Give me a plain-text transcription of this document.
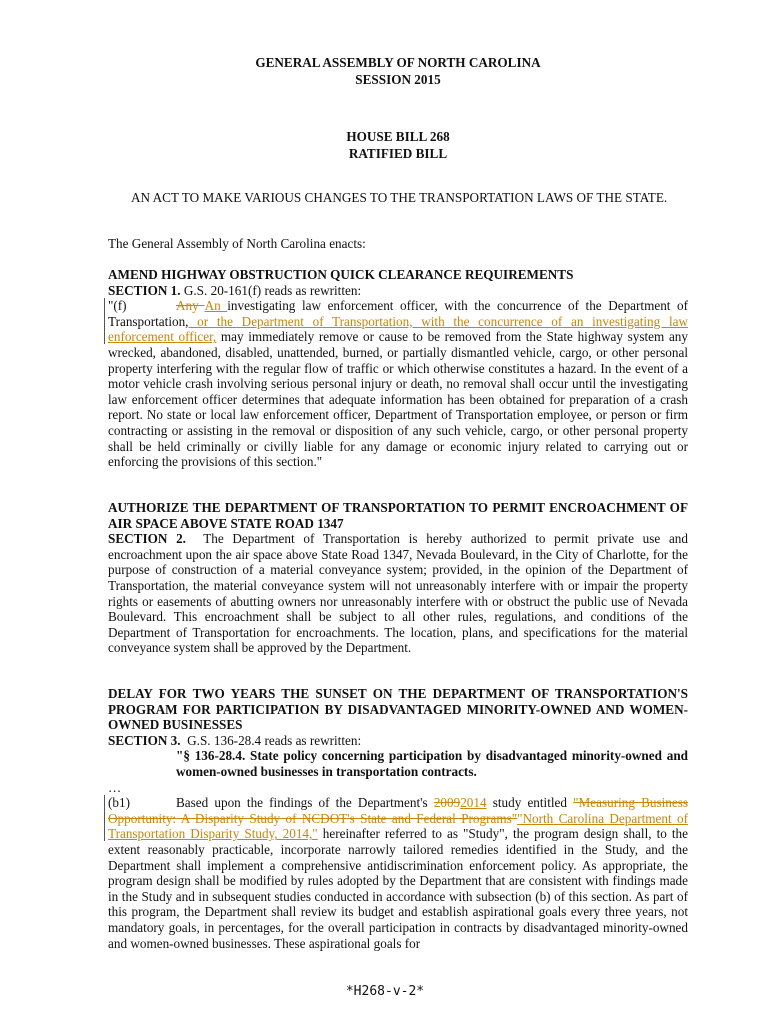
GENERAL ASSEMBLY OF NORTH CAROLINA
SESSION 2015
HOUSE BILL 268
RATIFIED BILL

AN ACT TO MAKE VARIOUS CHANGES TO THE TRANSPORTATION LAWS OF THE STATE.

The General Assembly of North Carolina enacts:

AMEND HIGHWAY OBSTRUCTION QUICK CLEARANCE REQUIREMENTS

SECTION 1. G.S. 20-161(f) reads as rewritten:

"(f)	Any An investigating law enforcement officer, with the concurrence of the Department of Transportation, or the Department of Transportation, with the concurrence of an investigating law enforcement officer, may immediately remove or cause to be removed from the State highway system any wrecked, abandoned, disabled, unattended, burned, or partially dismantled vehicle, cargo, or other personal property interfering with the regular flow of traffic or which otherwise constitutes a hazard. In the event of a motor vehicle crash involving serious personal injury or death, no removal shall occur until the investigating law enforcement officer determines that adequate information has been obtained for preparation of a crash report. No state or local law enforcement officer, Department of Transportation employee, or person or firm contracting or assisting in the removal or disposition of any such vehicle, cargo, or other personal property shall be held criminally or civilly liable for any damage or economic injury related to carrying out or enforcing the provisions of this section."

AUTHORIZE THE DEPARTMENT OF TRANSPORTATION TO PERMIT ENCROACHMENT OF AIR SPACE ABOVE STATE ROAD 1347

SECTION 2. The Department of Transportation is hereby authorized to permit private use and encroachment upon the air space above State Road 1347, Nevada Boulevard, in the City of Charlotte, for the purpose of construction of a material conveyance system; provided, in the opinion of the Department of Transportation, the material conveyance system will not unreasonably interfere with or impair the property rights or easements of abutting owners nor unreasonably interfere with or obstruct the public use of Nevada Boulevard. This encroachment shall be subject to all other rules, regulations, and conditions of the Department of Transportation for encroachments. The location, plans, and specifications for the material conveyance system shall be approved by the Department.

DELAY FOR TWO YEARS THE SUNSET ON THE DEPARTMENT OF TRANSPORTATION'S PROGRAM FOR PARTICIPATION BY DISADVANTAGED MINORITY-OWNED AND WOMEN-OWNED BUSINESSES

SECTION 3. G.S. 136-28.4 reads as rewritten:

"§ 136-28.4. State policy concerning participation by disadvantaged minority-owned and women-owned businesses in transportation contracts.

…

(b1)	Based upon the findings of the Department's 20092014 study entitled "Measuring Business Opportunity: A Disparity Study of NCDOT's State and Federal Programs""North Carolina Department of Transportation Disparity Study, 2014," hereinafter referred to as "Study", the program design shall, to the extent reasonably practicable, incorporate narrowly tailored remedies identified in the Study, and the Department shall implement a comprehensive antidiscrimination enforcement policy. As appropriate, the program design shall be modified by rules adopted by the Department that are consistent with findings made in the Study and in subsequent studies conducted in accordance with subsection (b) of this section. As part of this program, the Department shall review its budget and establish aspirational goals every three years, not mandatory goals, in percentages, for the overall participation in contracts by disadvantaged minority-owned and women-owned businesses. These aspirational goals for

*H268-v-2*
